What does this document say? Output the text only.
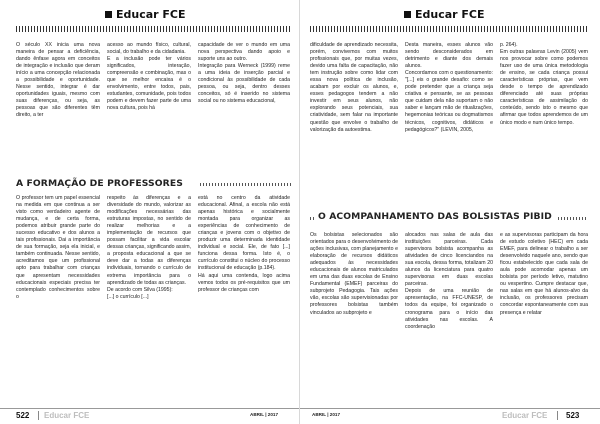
Educar FCE

O século XX inicia uma nova maneira de pensar a deficiência, dando ênfase agora em conceitos de integração e inclusão que deram início a uma concepção relacionada a possibilidade e oportunidade. Nesse sentido, integrar é dar oportunidades iguais, mesmo com suas diferenças, ou seja, as pessoas que são diferentes têm direito, a ter

acesso ao mundo físico, cultural, social, do trabalho e da cidadania.
E a inclusão pode ter vários significados, interação, compreensão e combinação, mas o que se melhor encaixa é o envolvimento, entre todos, pais, estudantes, comunidade, pois todos podem e devem fazer parte de uma nova cultura, pois há

capacidade de ver o mundo em uma nova perspectiva dando apoio e suporte uns ao outro.
Integração para Werneck (1999) reme a uma ideia de inserção parcial e condicional às possibilidade de cada pessoa, ou seja, dentro desses conceitos, só é inserido no sistema social ou no sistema educacional,

A FORMAÇÃO DE PROFESSORES

O professor tem um papel essencial na medida em que continua a ser visto como verdadeiro agente de mudança, e de certa forma, podemos atribuir grande parte do sucesso educativo e dos alunos a tais profissionais. Dai a importância de sua formação, seja ela inicial, e também continuada. Nesse sentido, acreditamos que um profissional apto para trabalhar com crianças que apresentam necessidades educacionais especiais precisa ter contemplado conhecimentos sobre o

respeito às diferenças e a diversidade do mundo, valorizar as modificações necessárias das estruturas impostas, no sentido de realizar melhorias e a implementação de recursos que possam facilitar a vida escolar dessas crianças, significando assim, a proposta educacional a que se deve dar a todas as diferenças individuais, tornando o currículo de extrema importância para o aprendizado de todas as crianças.
De acordo com Silva (1995):
[...] o currículo [...]

está no centro da atividade educacional. Afinal, a escola não está apenas histórica e socialmente montada para organizar as experiências de conhecimento de crianças e jovens com o objetivo de produzir uma determinada identidade individual e social. Ele, de fato [...] funciona dessa forma. Isto é, o currículo constitui o núcleo do processo institucional de educação (p.184).
Há aqui uma contenda, logo acima vemos todos os pré-requisitos que um professor de crianças com

522 Educar FCE	ABRIL | 2017
Educar FCE

dificuldade de aprendizado necessita, porém, convivemos com muitos profissionais que, por muitas vezes, devido uma falta de capacitação, não tem instrução sobre como lidar com essa nova política de inclusão, acabam por excluir os alunos, e, esses pedagogos tendem a não investir em seus alunos, não explorando seus potenciais, sua criatividade, sem falar na importante questão que envolve o trabalho de valorização da autoestima.

Desta maneira, esses alunos vão sendo desconsiderados em detrimento e diante dos demais alunos.
Concordamos com o questionamento: "[...] eis o grande desafio: como se pode pretender que a criança seja criativa e pensante, se as pessoas que cuidam dela não suportam o não saber e lançam mão de ritualizações, hegemonias teóricas ou dogmatismos técnicos, cognitivos, didáticos e pedagógicos?" (LEVIN, 2005,

p. 264).
Em outras palavras Levin (2005) vem nos provocar sobre como podemos fazer uso de uma única metodologia de ensino, se cada criança possui características próprias, que vem desde o tempo de aprendizado diferenciado até suas próprias características de assimilação do conteúdo, sendo isto o mesmo que afirmar que todos aprendemos de um único modo e num único tempo.

O ACOMPANHAMENTO DAS BOLSISTAS PIBID

Os bolsistas selecionados são orientados para o desenvolvimento de ações inclusivas, com planejamento e elaboração de recursos didáticos adequados às necessidades educacionais de alunos matriculados em uma das duas escolas de Ensino Fundamental (EMEF) parceiras do subprojeto Pedagogia. Tais ações vão, escolas são supervisionadas por professores bolsistas também vinculados ao subprojeto e

alocados nas salas de aula das instituições parceiras. Cada supervisora bolsista acompanha as atividades de cinco licenciandos na sua escola, dessa forma, totalizam 20 alunos da licenciatura para quatro supervisoras em duas escolas parceiras.
Depois de uma reunião de apresentação, na FFC-UNESP, de todos da equipe, foi organizado o cronograma para o início das atividades nas escolas. A coordenação

e as supervisoras participam da hora de estudo coletivo (HEC) em cada EMEF, para delinear o trabalho a ser desenvolvido naquele ano, sendo que ficou estabelecido que cada sala de aula pode acomodar apenas um bolsista por período letivo, matutino ou vespertino. Cumpre destacar que, nas salas em que há alunos-alvo da inclusão, os professores precisam concordar espontaneamente com sua presença e relatar

ABRIL | 2017	Educar FCE 523
